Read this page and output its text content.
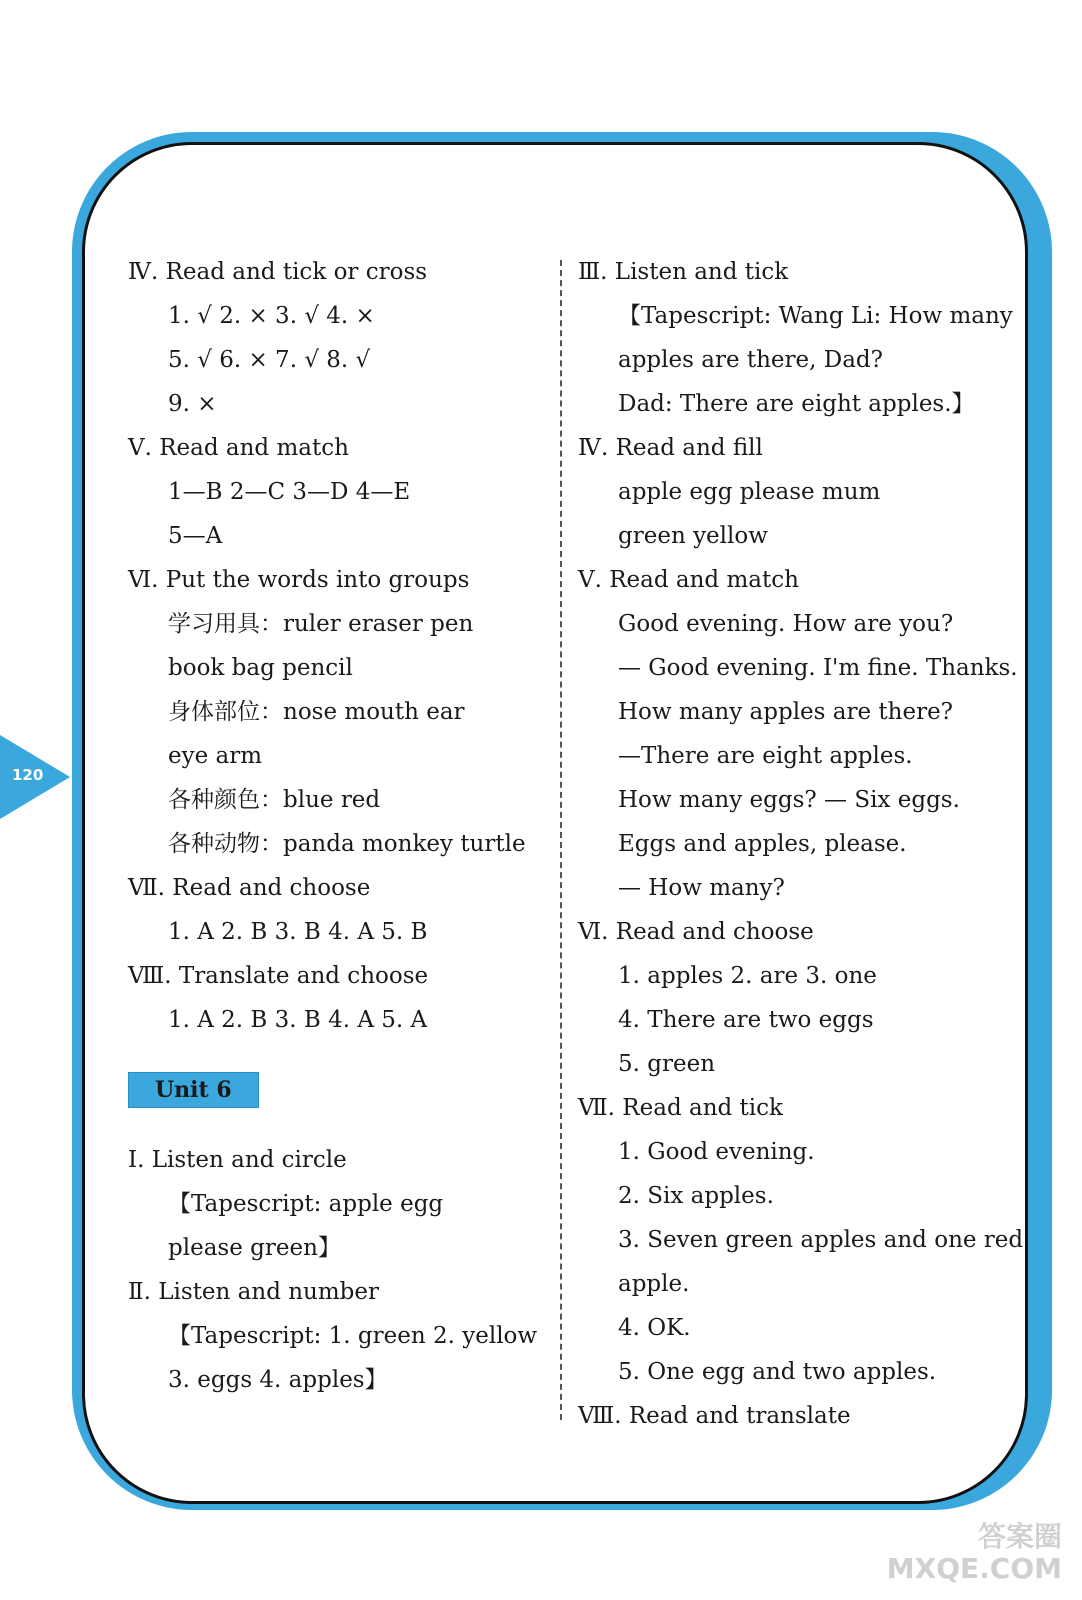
120
Ⅳ. Read and tick or cross
1. √ 2. × 3. √ 4. ×
5. √ 6. × 7. √ 8. √
9. ×
Ⅴ. Read and match
1—B 2—C 3—D 4—E
5—A
Ⅵ. Put the words into groups
学习用具：ruler eraser pen
book bag pencil
身体部位：nose mouth ear
eye arm
各种颜色：blue red
各种动物：panda monkey turtle
Ⅶ. Read and choose
1. A 2. B 3. B 4. A 5. B
Ⅷ. Translate and choose
1. A 2. B 3. B 4. A 5. A
Unit 6
Ⅰ. Listen and circle
【Tapescript: apple egg
please green】
Ⅱ. Listen and number
【Tapescript: 1. green 2. yellow
3. eggs 4. apples】
Ⅲ. Listen and tick
【Tapescript: Wang Li: How many
apples are there, Dad?
Dad: There are eight apples.】
Ⅳ. Read and fill
apple egg please mum
green yellow
Ⅴ. Read and match
Good evening. How are you?
— Good evening. I'm fine. Thanks.
How many apples are there?
—There are eight apples.
How many eggs? — Six eggs.
Eggs and apples, please.
— How many?
Ⅵ. Read and choose
1. apples 2. are 3. one
4. There are two eggs
5. green
Ⅶ. Read and tick
1. Good evening.
2. Six apples.
3. Seven green apples and one red
apple.
4. OK.
5. One egg and two apples.
Ⅷ. Read and translate
答案圈
MXQE.COM
